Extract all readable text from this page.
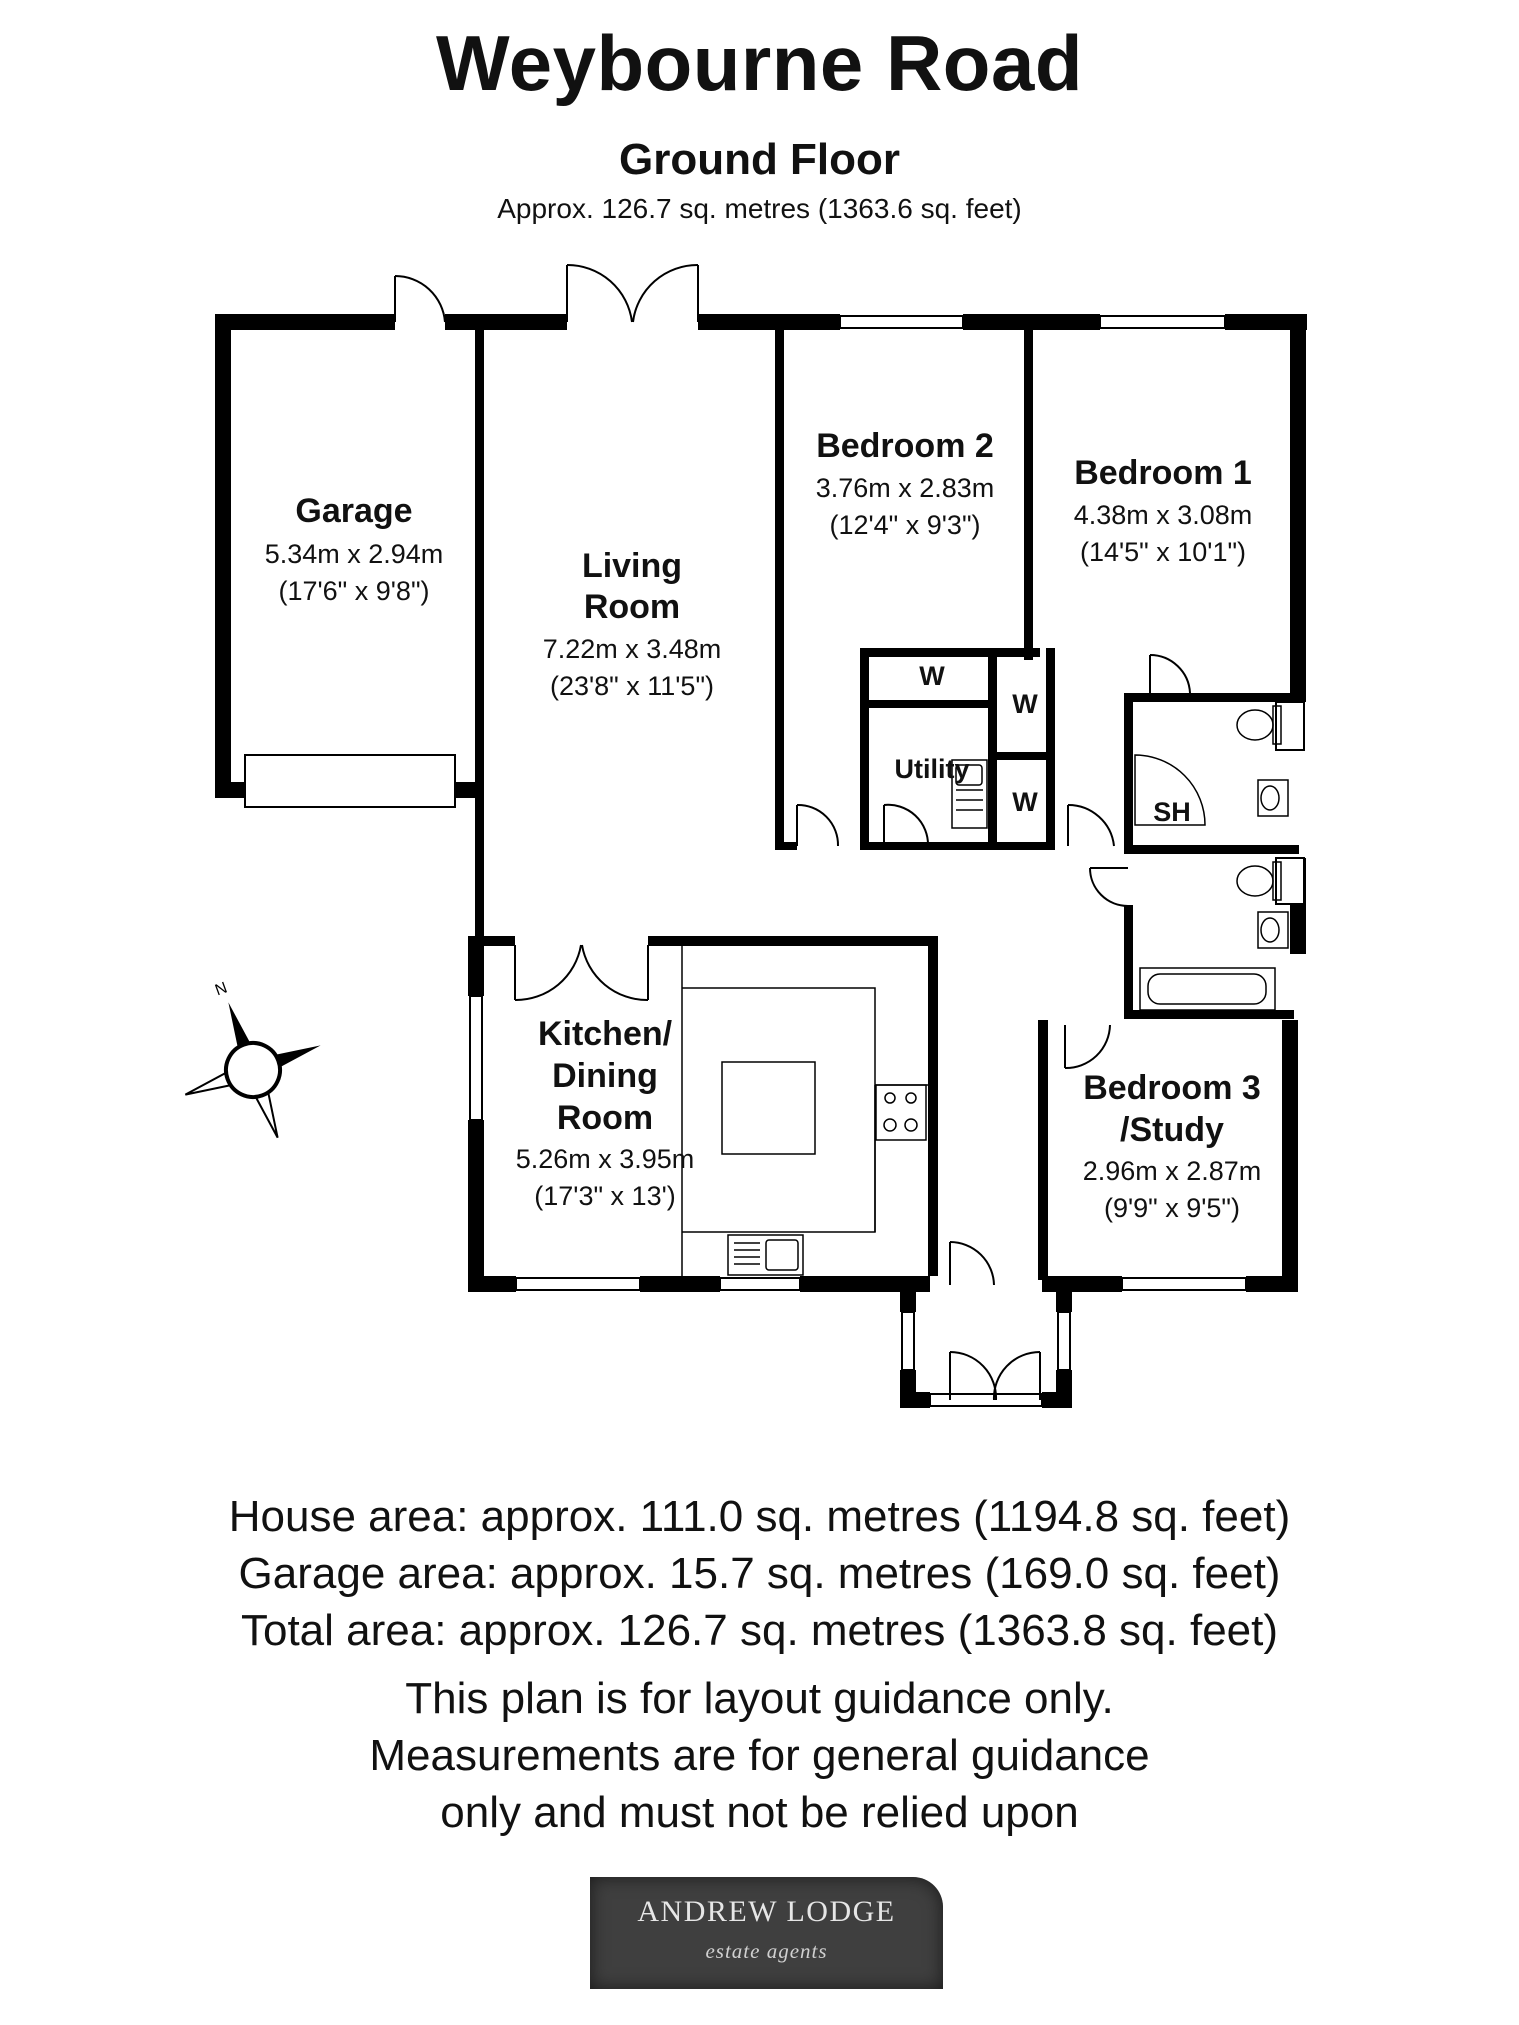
Weybourne Road
Ground Floor
Approx. 126.7 sq. metres (1363.6 sq. feet)
N
Garage
5.34m x 2.94m
(17'6" x 9'8")
Living
Room
7.22m x 3.48m
(23'8" x 11'5")
Bedroom 2
3.76m x 2.83m
(12'4" x 9'3")
Bedroom 1
4.38m x 3.08m
(14'5" x 10'1")
Kitchen/
Dining
Room
5.26m x 3.95m
(17'3" x 13')
Bedroom 3
/Study
2.96m x 2.87m
(9'9" x 9'5")
Utility
W
W
W	SH
House area: approx. 111.0 sq. metres (1194.8 sq. feet)
Garage area: approx. 15.7 sq. metres (169.0 sq. feet)
Total area: approx. 126.7 sq. metres (1363.8 sq. feet)
This plan is for layout guidance only.
Measurements are for general guidance
only and must not be relied upon
ANDREW LODGE
estate agents
